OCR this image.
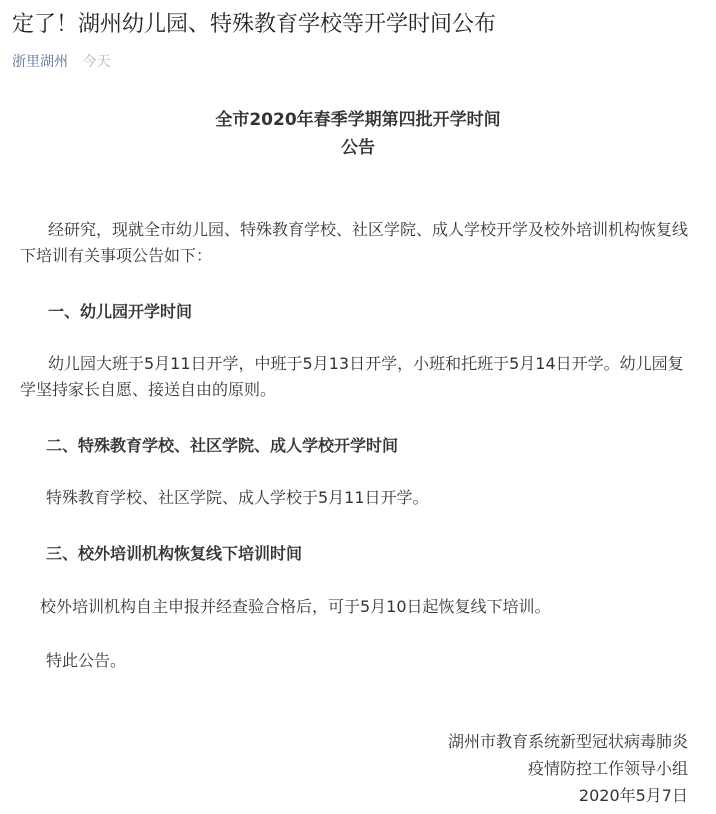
定了！湖州幼儿园、特殊教育学校等开学时间公布
浙里湖州 今天
全市2020年春季学期第四批开学时间
公告
经研究，现就全市幼儿园、特殊教育学校、社区学院、成人学校开学及校外培训机构恢复线下培训有关事项公告如下：
一、幼儿园开学时间
幼儿园大班于5月11日开学，中班于5月13日开学，小班和托班于5月14日开学。幼儿园复学坚持家长自愿、接送自由的原则。
二、特殊教育学校、社区学院、成人学校开学时间
特殊教育学校、社区学院、成人学校于5月11日开学。
三、校外培训机构恢复线下培训时间
校外培训机构自主申报并经查验合格后，可于5月10日起恢复线下培训。
特此公告。
湖州市教育系统新型冠状病毒肺炎
疫情防控工作领导小组
2020年5月7日
